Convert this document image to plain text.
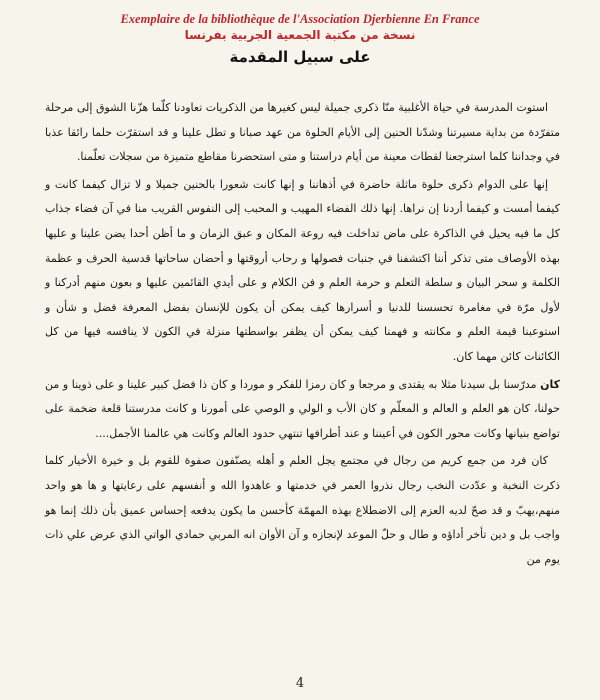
Exemplaire de la bibliothèque de l'Association Djerbienne En France
نسخة من مكتبة الجمعية الجربية بفرنسا
على سبيل المقدمة

استوت المدرسة في حياة الأغلبية منّا ذكرى جميلة ليس كغيرها من الذكريات تعاودنا كلّما هزّنا الشوق إلى مرحلة متفرّدة من بداية مسيرتنا وشدّنا الحنين إلى الأيام الحلوة من عهد صبانا و تطل علينا و قد استقرّت حلما رائقا عذبا في وجداننا كلما استرجعنا لقطات معينة من أيام دراستنا و متى استحضرنا مقاطع متميزة من سجلات تعلّمنا.

إنها على الدوام ذكرى حلوة ماثلة حاضرة في أذهاننا و إنها كانت شعورا بالحنين جميلا و لا تزال كيفما كانت و كيفما أمست و كيفما أردنا إن نراها. إنها ذلك الفضاء المهيب و المحبب إلى النفوس القريب منا في آن فضاء جذاب كل ما فيه يحيل في الذاكرة على ماض تداخلت فيه روعة المكان و عبق الزمان و ما أظن أحدا يضن علينا و عليها بهذه الأوصاف متى تذكر أننا اكتشفنا في جنبات فصولها و رحاب أروقتها و أحضان ساحاتها قدسية الحرف و عظمة الكلمة و سحر البيان و سلطة التعلم و حرمة العلم و فن الكلام و على أيدي القائمين عليها و بعون منهم أدركنا و لأول مرّة في مغامرة تحسسنا للدنيا و أسرارها كيف يمكن أن يكون للإنسان بفضل المعرفة فضل و شأن و استوعبنا قيمة العلم و مكانته و فهمنا كيف يمكن أن يظفر بواسطتها منزلة في الكون لا ينافسه فيها من كل الكائنات كائن مهما كان.

كان مدرّسنا بل سيدنا مثلا به يقتدى و مرجعا و كان رمزا للفكر و موردا و كان ذا فضل كبير علينا و على ذوينا و من حولنا، كان هو العلم و العالم و المعلّم و كان الأب و الولي و الوصي على أمورنا و كانت مدرستنا قلعة ضخمة على تواضع بنيانها وكانت محور الكون في أعيننا و عند أطرافها تنتهي حدود العالم وكانت هي عالمنا الأجمل....

كان فرد من جمع كريم من رجال في مجتمع يجل العلم و أهله يصنّفون صفوة للقوم بل و خيرة الأخيار كلما ذكرت النخبة و عدّدت النخب رجال نذروا العمر في خدمتها و عاهدوا الله و أنفسهم على رعايتها و ها هو واحد منهم،يهبّ و قد صحّ لديه العزم إلى الاضطلاع بهذه المهمّة كأحسن ما يكون يدفعه إحساس عميق بأن ذلك إنما هو واجب بل و دين تأخر أداؤه و طال و حلّ الموعد لإنجازه و آن الأوان انه المربي حمادي الواتي الذي عرض علي ذات يوم من

4
